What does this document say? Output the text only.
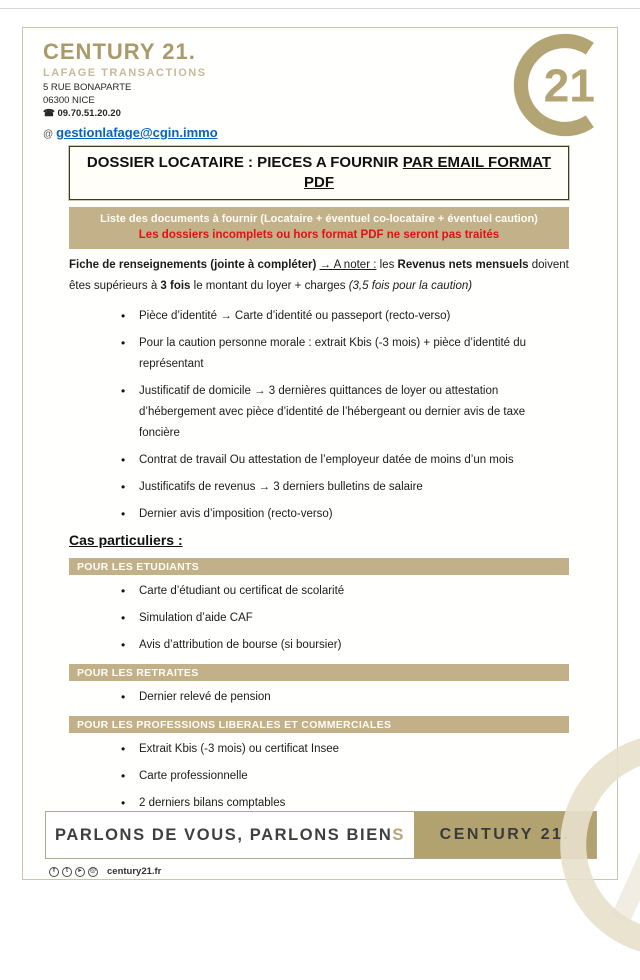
CENTURY 21.
LAFAGE TRANSACTIONS
5 RUE BONAPARTE
06300 NICE
☎ 09.70.51.20.20
@ gestionlafage@cgin.immo
21
DOSSIER LOCATAIRE : PIECES A FOURNIR PAR EMAIL FORMAT PDF
Liste des documents à fournir (Locataire + éventuel co-locataire + éventuel caution)
Les dossiers incomplets ou hors format PDF ne seront pas traités
Fiche de renseignements (jointe à compléter) → A noter : les Revenus nets mensuels doivent êtes supérieurs à 3 fois le montant du loyer + charges (3,5 fois pour la caution)
• Pièce d’identité → Carte d’identité ou passeport (recto-verso)
• Pour la caution personne morale : extrait Kbis (-3 mois) + pièce d’identité du représentant
• Justificatif de domicile → 3 dernières quittances de loyer ou attestation d’hébergement avec pièce d’identité de l’hébergeant ou dernier avis de taxe foncière
• Contrat de travail Ou attestation de l’employeur datée de moins d’un mois
• Justificatifs de revenus → 3 derniers bulletins de salaire
• Dernier avis d’imposition (recto-verso)
Cas particuliers :
POUR LES ETUDIANTS
• Carte d’étudiant ou certificat de scolarité
• Simulation d’aide CAF
• Avis d’attribution de bourse (si boursier)
POUR LES RETRAITES
• Dernier relevé de pension
POUR LES PROFESSIONS LIBERALES ET COMMERCIALES
• Extrait Kbis (-3 mois) ou certificat Insee
• Carte professionnelle
• 2 derniers bilans comptables
PARLONS DE VOUS, PARLONS BIEN S	CENTURY 21.
f	t	▸	@ century21.fr
